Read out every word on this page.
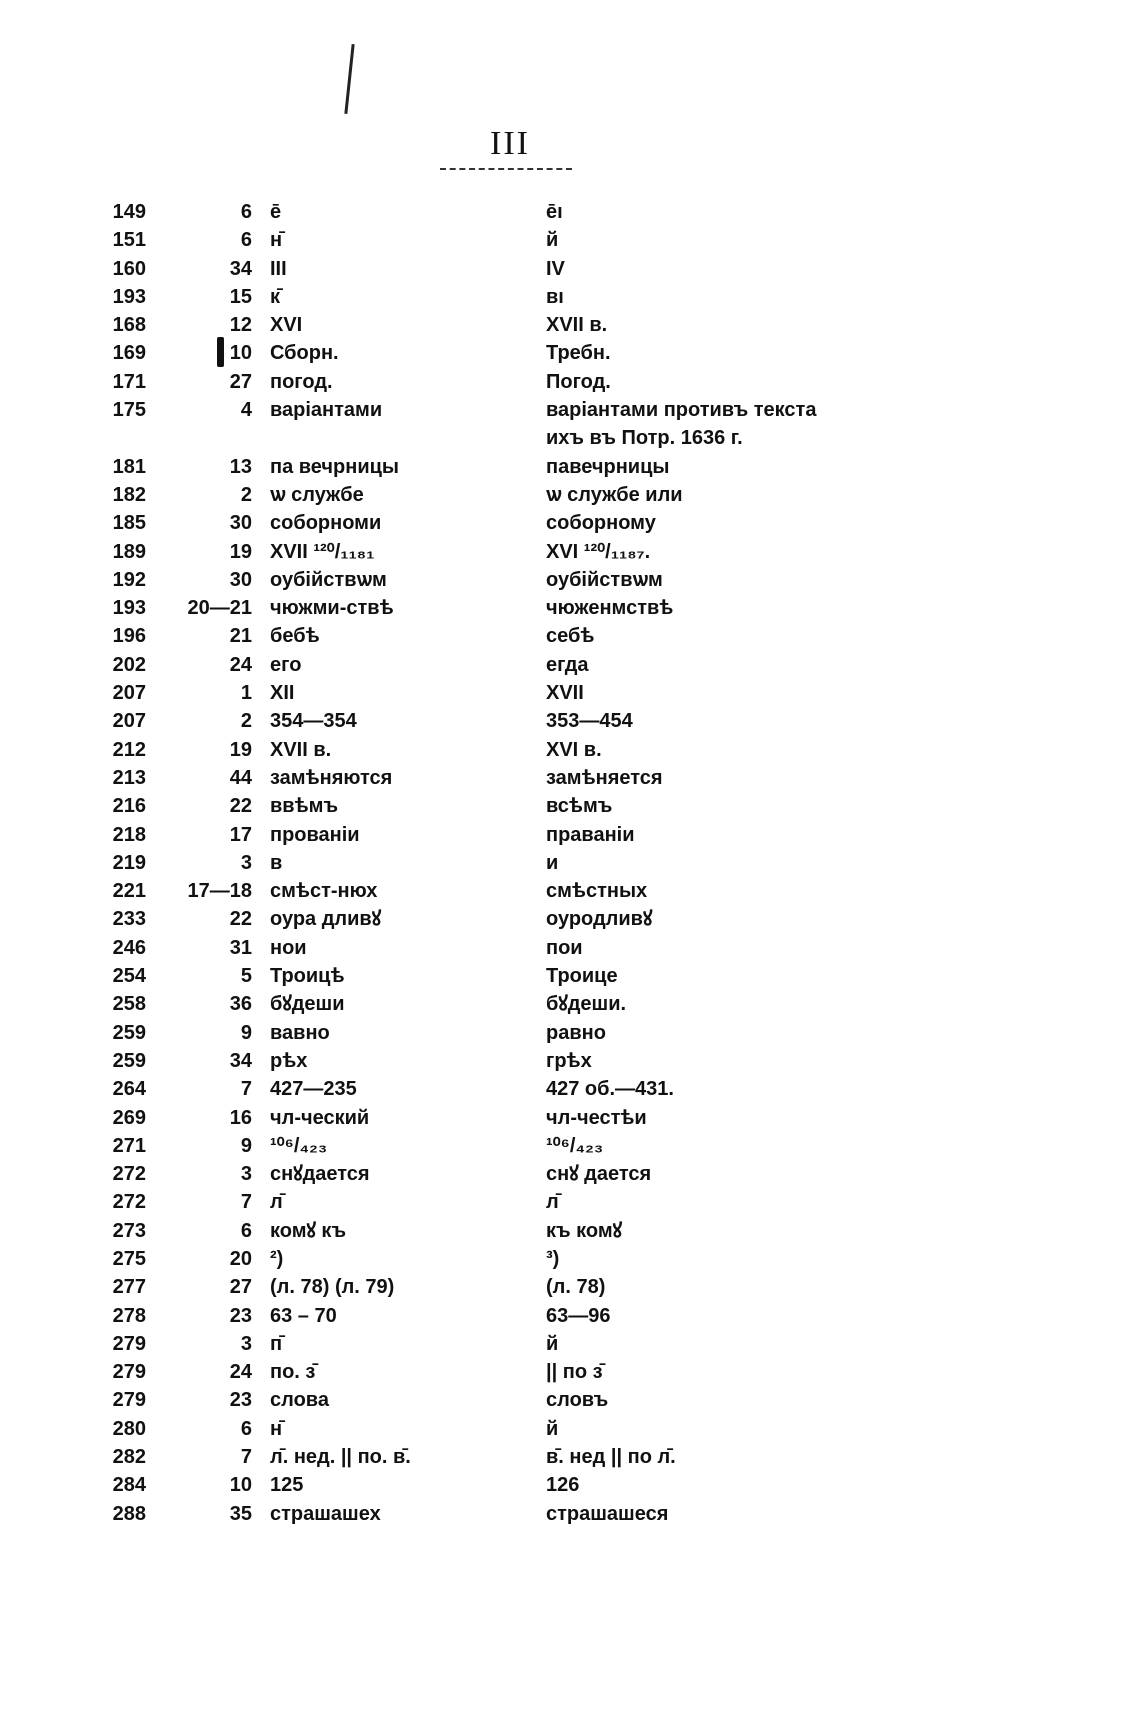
III
149	6 ē	ēı
151	6 н̄	й
160	34 III	IV
193	15 к̄	вı
168	12 XVI	XVII в.
169	10 Сборн.	Требн.
171	27 погод.	Погод.
175	4 варіантами	варіантами противъ текста ихъ въ Потр. 1636 г.
181	13 па вечрницы	павечрницы
182	2 ѡ службе	ѡ службе или
185	30 соборноми	соборному
189	19 XVII ¹²⁰/₁₁₈₁	XVI ¹²⁰/₁₁₈₇.
192	30 оубійствѡм	оубійствѡм
193	20—21 чюжми-ствѣ	чюженмствѣ
196	21 бебѣ	себѣ
202	24 его	егда
207	1 XII	XVII
207	2 354—354	353—454
212	19 XVII в.	XVI в.
213	44 замѣняются	замѣняется
216	22 ввѣмъ	всѣмъ
218	17 прованіи	праваніи
219	3 в	и
221	17—18 смѣст-нюх	смѣстных
233	22 оура дливꙋ	оуродливꙋ
246	31 нои	пои
254	5 Троицѣ	Троице
258	36 бꙋдеши	бꙋдеши.
259	9 вавно	равно
259	34 рѣх	грѣх
264	7 427—235	427 об.—431.
269	16 чл-ческий	чл-честѣи
271	9 ¹⁰⁶/₄₂₃	¹⁰⁶/₄₂₃
272	3 снꙋдается	снꙋ дается
272	7 л̄	л̄
273	6 комꙋ къ	къ комꙋ
275	20 ²)	³)
277	27 (л. 78) (л. 79)	(л. 78)
278	23 63 – 70	63—96
279	3 п̄	й
279	24 по. з̄	|| по з̄
279	23 слова	словъ
280	6 н̄	й
282	7 л̄. нед. || по. в̄.	в̄. нед || по л̄.
284	10 125	126
288	35 страшашех	страшашеся
